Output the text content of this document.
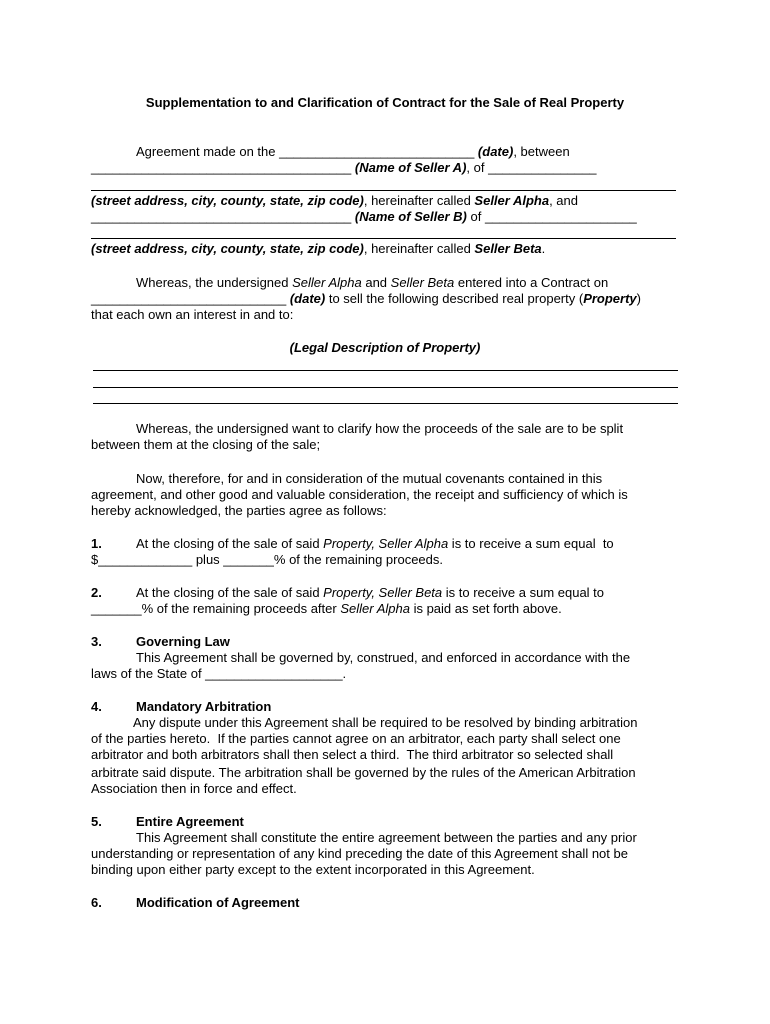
Supplementation to and Clarification of Contract for the Sale of Real Property
Agreement made on the ___________________________ (date), between
____________________________________ (Name of Seller A), of _______________
(street address, city, county, state, zip code), hereinafter called Seller Alpha, and
____________________________________ (Name of Seller B) of _____________________
(street address, city, county, state, zip code), hereinafter called Seller Beta.
Whereas, the undersigned Seller Alpha and Seller Beta entered into a Contract on
___________________________ (date) to sell the following described real property (Property)
that each own an interest in and to:
(Legal Description of Property)
Whereas, the undersigned want to clarify how the proceeds of the sale are to be split
between them at the closing of the sale;
Now, therefore, for and in consideration of the mutual covenants contained in this
agreement, and other good and valuable consideration, the receipt and sufficiency of which is
hereby acknowledged, the parties agree as follows:
1.	At the closing of the sale of said Property, Seller Alpha is to receive a sum equal  to
$_____________ plus _______% of the remaining proceeds.
2.	At the closing of the sale of said Property, Seller Beta is to receive a sum equal to
_______% of the remaining proceeds after Seller Alpha is paid as set forth above.
3.	Governing Law
This Agreement shall be governed by, construed, and enforced in accordance with the
laws of the State of ___________________.
4.	Mandatory Arbitration
Any dispute under this Agreement shall be required to be resolved by binding arbitration
of the parties hereto.  If the parties cannot agree on an arbitrator, each party shall select one
arbitrator and both arbitrators shall then select a third.  The third arbitrator so selected shall
arbitrate said dispute. The arbitration shall be governed by the rules of the American Arbitration
Association then in force and effect.
5.	Entire Agreement
This Agreement shall constitute the entire agreement between the parties and any prior
understanding or representation of any kind preceding the date of this Agreement shall not be
binding upon either party except to the extent incorporated in this Agreement.
6.	Modification of Agreement
